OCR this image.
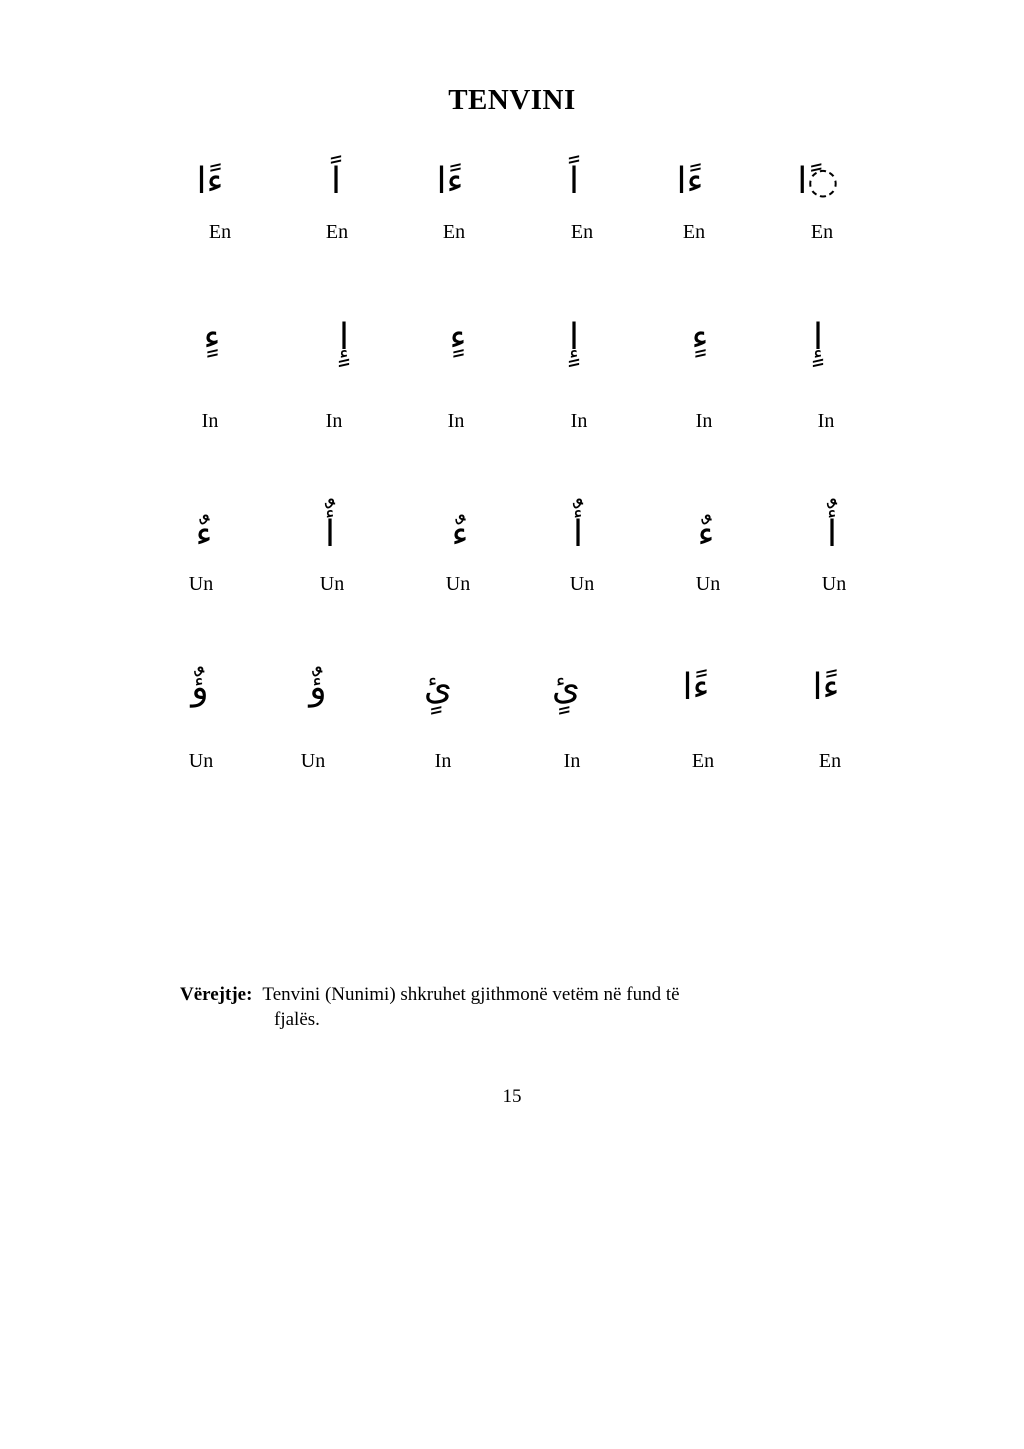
TENVINI
ءًا	اً	ءًا	اً	ءًا	◌ًا
En	En	En	En	En	En
ءٍ	إٍ	ءٍ	إٍ	ءٍ	إٍ
In	In	In	In	In	In
ءٌ	أٌ	ءٌ	أٌ	ءٌ	أٌ
Un	Un	Un	Un	Un	Un
ؤٌ	ؤٌ	ئٍ	ئٍ	ءًا	ءًا
Un	Un	In	In	En	En
Vërejtje: Tenvini (Nunimi) shkruhet gjithmonë vetëm në fund të
fjalës.
15
